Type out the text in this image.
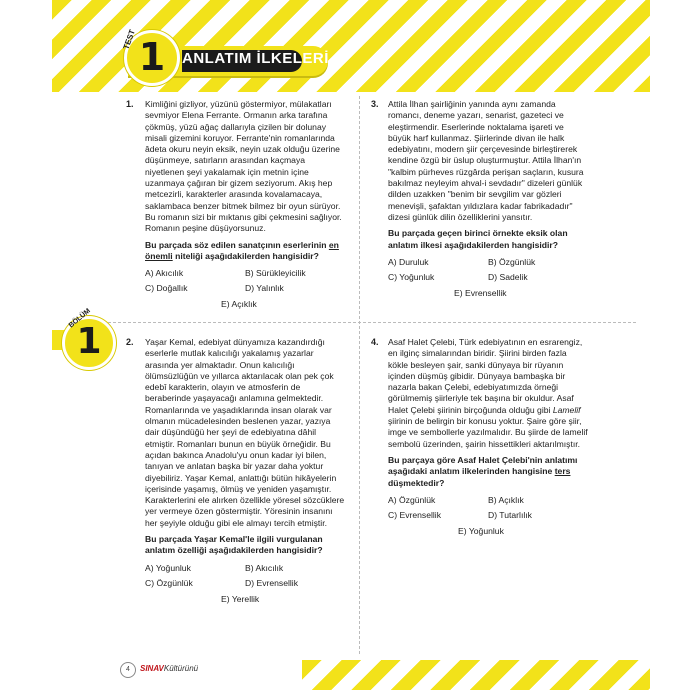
TEST 1	ANLATIM İLKELERİ
BÖLÜM
1
1. Kimliğini gizliyor, yüzünü göstermiyor, mülakatları sevmiyor Elena Ferrante. Ormanın arka tarafına çökmüş, yüzü ağaç dallarıyla çizilen bir dolunay misali gizemini koruyor. Ferrante'nin romanlarında âdeta okuru neyin eksik, neyin uzak olduğu üzerine düşünmeye, satırların arasından kaçmaya niyetlenen şeyi yakalamak için metnin içine uzanmaya çağıran bir gizem seziyorum. Akış hep metcezirli, karakterler arasında kovalamacaya, saklambaca benzer bitmek bilmez bir oyun sürüyor. Bu romanın sizi bir mıktanıs gibi çekmesini sağlıyor. Romanın peşine düşüyorsunuz.

Bu parçada söz edilen sanatçının eserlerinin en önemli niteliği aşağıdakilerden hangisidir?

A) Akıcılık	B) Sürükleyicilik
C) Doğallık	D) Yalınlık
E) Açıklık
3. Attila İlhan şairliğinin yanında aynı zamanda romancı, deneme yazarı, senarist, gazeteci ve eleştirmendir. Eserlerinde noktalama işareti ve büyük harf kullanmaz. Şiirlerinde divan ile halk edebiyatını, modern şiir çerçevesinde birleştirerek kendine özgü bir üslup oluşturmuştur. Attila İlhan'ın "kalbim pürheves rüzgârda perişan saçların, kusura bakılmaz neyleyim ahval-i sevdadır" dizeleri günlük dilden uzakken "benim bir sevgilim var gözleri menevişli, şafaktan yıldızlara kadar fabrikadadır" dizesi günlük dilin özelliklerini yansıtır.

Bu parçada geçen birinci örnekte eksik olan anlatım ilkesi aşağıdakilerden hangisidir?

A) Duruluk	B) Özgünlük
C) Yoğunluk	D) Sadelik
E) Evrensellik
2. Yaşar Kemal, edebiyat dünyamıza kazandırdığı eserlerle mutlak kalıcılığı yakalamış yazarlar arasında yer almaktadır. Onun kalıcılığı ölümsüzlüğün ve yıllarca aktarılacak olan pek çok edebî karakterin, olayın ve atmosferin de beraberinde yaşayacağı anlamına gelmektedir. Romanlarında ve yaşadıklarında insan olarak var olmanın mücadelesinden beslenen yazar, yazıya dair düşündüğü her şeyi de edebiyatına dâhil etmiştir. Romanları bunun en büyük örneğidir. Bu açıdan bakınca Anadolu'yu onun kadar iyi bilen, tanıyan ve anlatan başka bir yazar daha yoktur diyebiliriz. Yaşar Kemal, anlattığı bütün hikâyelerin içerisinde yaşamış, ölmüş ve yeniden yaşamıştır. Karakterlerini ele alırken özellikle yöresel sözcüklere yer vermeye özen göstermiştir. Yöresinin insanını her şeyiyle olduğu gibi ele almayı tercih etmiştir.

Bu parçada Yaşar Kemal'le ilgili vurgulanan anlatım özelliği aşağıdakilerden hangisidir?

A) Yoğunluk	B) Akıcılık
C) Özgünlük	D) Evrensellik
E) Yerellik
4. Asaf Halet Çelebi, Türk edebiyatının en esrarengiz, en ilginç simalarından biridir. Şiirini birden fazla kökle besleyen şair, sanki dünyaya bir rüyanın içinden düşmüş gibidir. Dünyaya bambaşka bir nazarla bakan Çelebi, edebiyatımızda örneği görülmemiş şiirleriyle tek başına bir okuldur. Asaf Halet Çelebi şiirinin birçoğunda olduğu gibi Lamelif şiirinin de belirgin bir konusu yoktur. Şaire göre şiir, imge ve sembollerle yazılmalıdır. Bu şiirde de lamelif sembolü üzerinden, şairin hissettikleri aktarılmıştır.

Bu parçaya göre Asaf Halet Çelebi'nin anlatımı aşağıdaki anlatım ilkelerinden hangisine ters düşmektedir?

A) Özgünlük	B) Açıklık
C) Evrensellik	D) Tutarlılık
E) Yoğunluk
4	SINAVKültürünü
